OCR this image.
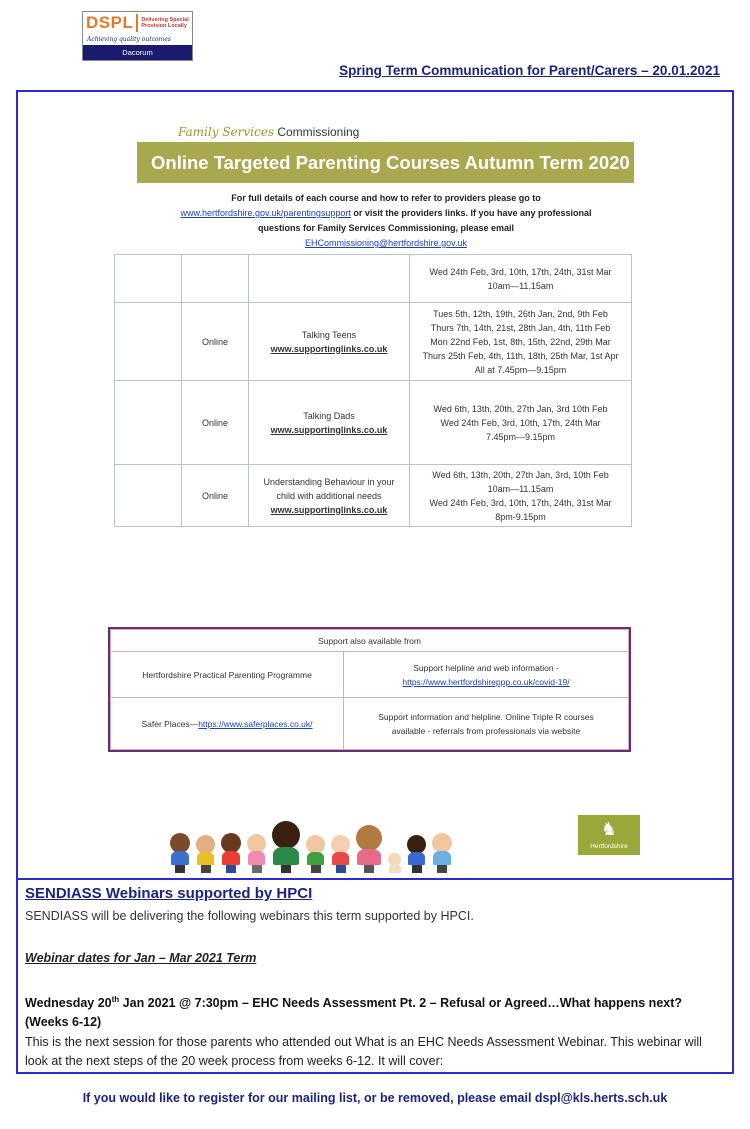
DSPL Delivering Special
Provision Locally
Achieving quality outcomes
Dacorum
Spring Term Communication for Parent/Carers – 20.01.2021
Family Services Commissioning
Online Targeted Parenting Courses Autumn Term 2020 v2	For full details of each course and how to refer to providers please go to
www.hertfordshire.gov.uk/parentingsupport or visit the providers links. If you have any professional questions for Family Services Commissioning, please email
EHCommissioning@hertfordshire.gov.uk
			Wed 24th Feb, 3rd, 10th, 17th, 24th, 31st Mar
10am—11.15am
	Online	Talking Teens
www.supportinglinks.co.uk	Tues 5th, 12th, 19th, 26th Jan, 2nd, 9th Feb
Thurs 7th, 14th, 21st, 28th Jan, 4th, 11th Feb
Mon 22nd Feb, 1st, 8th, 15th, 22nd, 29th Mar
Thurs 25th Feb, 4th, 11th, 18th, 25th Mar, 1st Apr
All at 7.45pm—9.15pm
	Online	Talking Dads
www.supportinglinks.co.uk	Wed 6th, 13th, 20th, 27th Jan, 3rd 10th Feb
Wed 24th Feb, 3rd, 10th, 17th, 24th Mar
7.45pm—9.15pm
	Online	Understanding Behaviour in your
child with additional needs
www.supportinglinks.co.uk	Wed 6th, 13th, 20th, 27th Jan, 3rd, 10th Feb
10am—11.15am
Wed 24th Feb, 3rd, 10th, 17th, 24th, 31st Mar
8pm-9.15pm
Support also available from	
Hertfordshire Practical Parenting Programme	Support helpline and web information -
https://www.hertfordshireppp.co.uk/covid-19/
Safer Places—https://www.saferplaces.co.uk/	Support information and helpline. Online Triple R courses
available - referrals from professionals via website
♞
Hertfordshire
SENDIASS Webinars supported by HPCI
SENDIASS will be delivering the following webinars this term supported by HPCI.
Webinar dates for Jan – Mar 2021 Term
Wednesday 20th Jan 2021 @ 7:30pm – EHC Needs Assessment Pt. 2 – Refusal or Agreed…What happens next? (Weeks 6-12)
This is the next session for those parents who attended out What is an EHC Needs Assessment Webinar. This webinar will look at the next steps of the 20 week process from weeks 6-12. It will cover:
If you would like to register for our mailing list, or be removed, please email dspl@kls.herts.sch.uk
